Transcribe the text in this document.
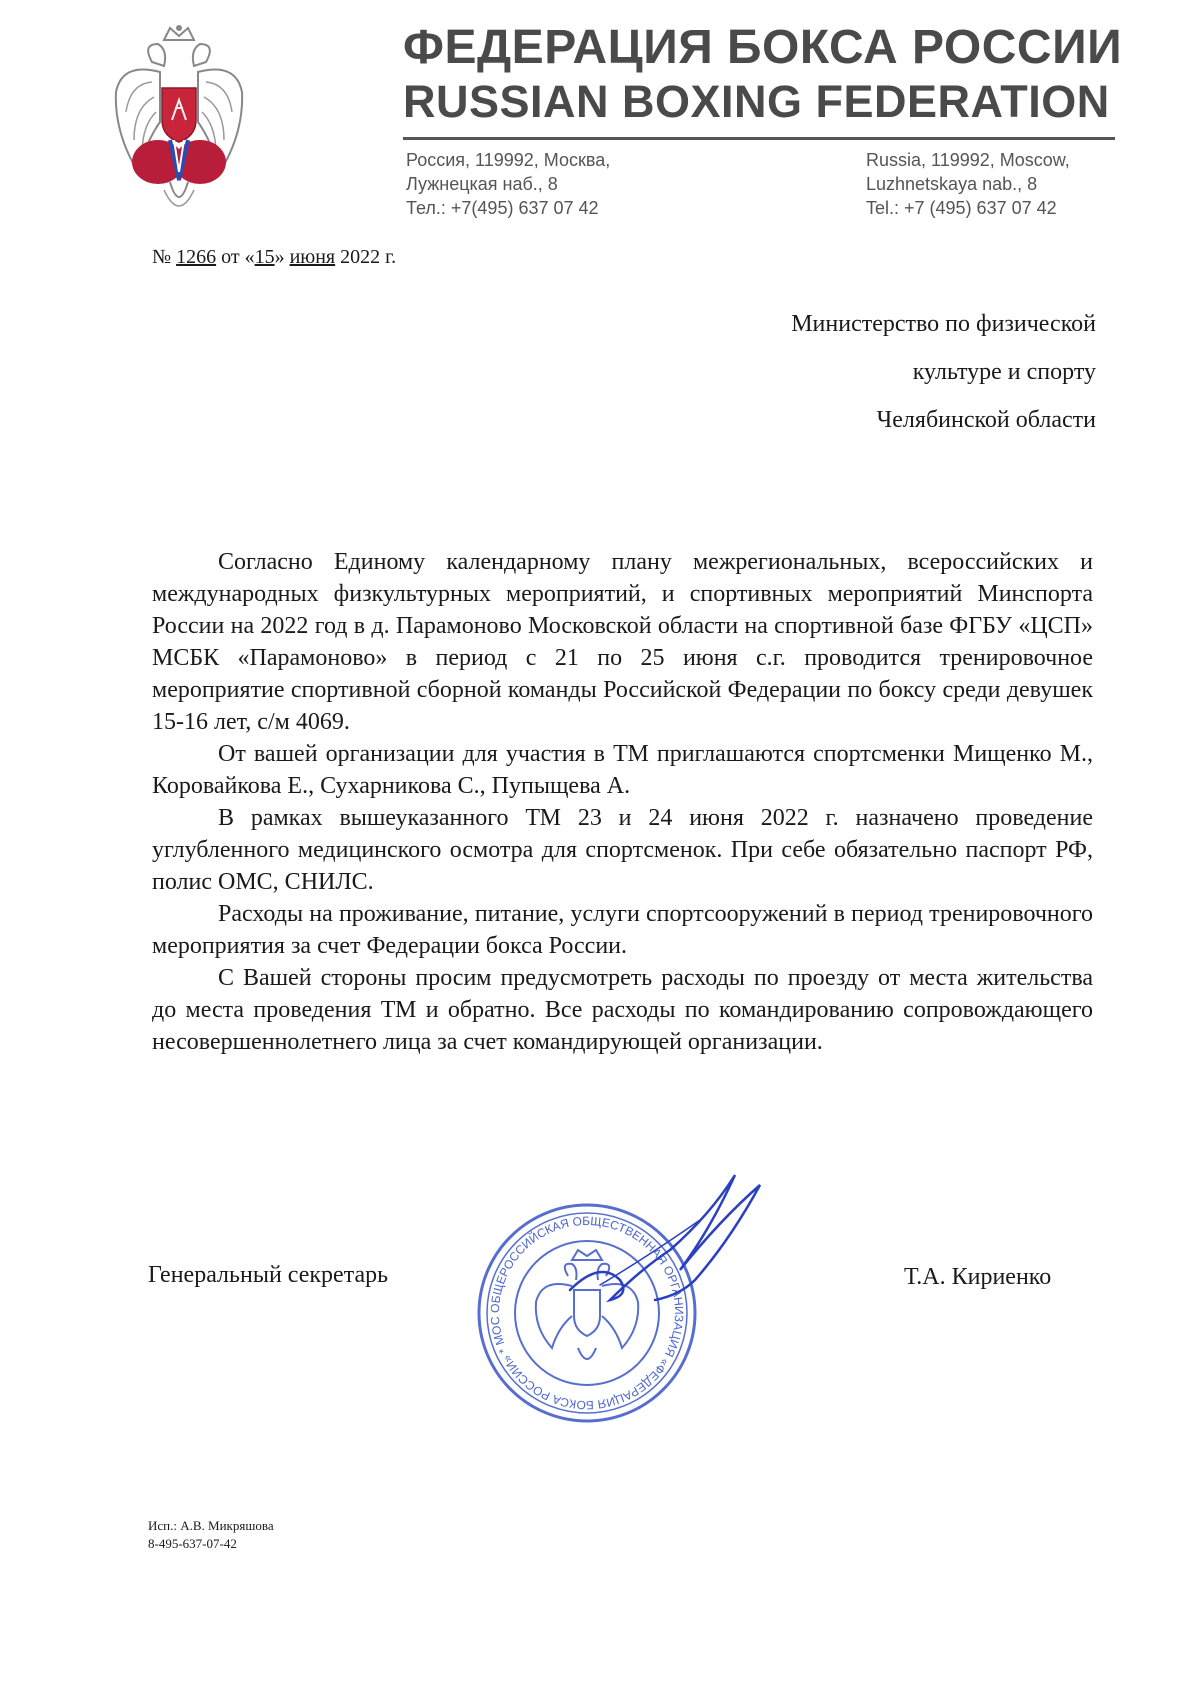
ФЕДЕРАЦИЯ БОКСА РОССИИ
RUSSIAN BOXING FEDERATION
Россия, 119992, Москва,
Лужнецкая наб., 8
Тел.: +7(495) 637 07 42
Russia, 119992, Moscow,
Luzhnetskaya nab., 8
Tel.: +7 (495) 637 07 42
№ 1266 от «15» июня 2022 г.
Министерство по физической
культуре и спорту
Челябинской области

Согласно Единому календарному плану межрегиональных, всероссийских и международных физкультурных мероприятий, и спортивных мероприятий Минспорта России на 2022 год в д. Парамоново Московской области на спортивной базе ФГБУ «ЦСП» МСБК «Парамоново» в период с 21 по 25 июня с.г. проводится тренировочное мероприятие спортивной сборной команды Российской Федерации по боксу среди девушек 15-16 лет, с/м 4069.

От вашей организации для участия в ТМ приглашаются спортсменки Мищенко М., Коровайкова Е., Сухарникова С., Пупыщева А.

В рамках вышеуказанного ТМ 23 и 24 июня 2022 г. назначено проведение углубленного медицинского осмотра для спортсменок. При себе обязательно паспорт РФ, полис ОМС, СНИЛС.

Расходы на проживание, питание, услуги спортсооружений в период тренировочного мероприятия за счет Федерации бокса России.

С Вашей стороны просим предусмотреть расходы по проезду от места жительства до места проведения ТМ и обратно. Все расходы по командированию сопровождающего несовершеннолетнего лица за счет командирующей организации.

Генеральный секретарь
ОБЩЕРОССИЙСКАЯ ОБЩЕСТВЕННАЯ ОРГАНИЗАЦИЯ «ФЕДЕРАЦИЯ БОКСА РОССИИ» * МОС
Т.А. Кириенко
Исп.: А.В. Микряшова
8-495-637-07-42
